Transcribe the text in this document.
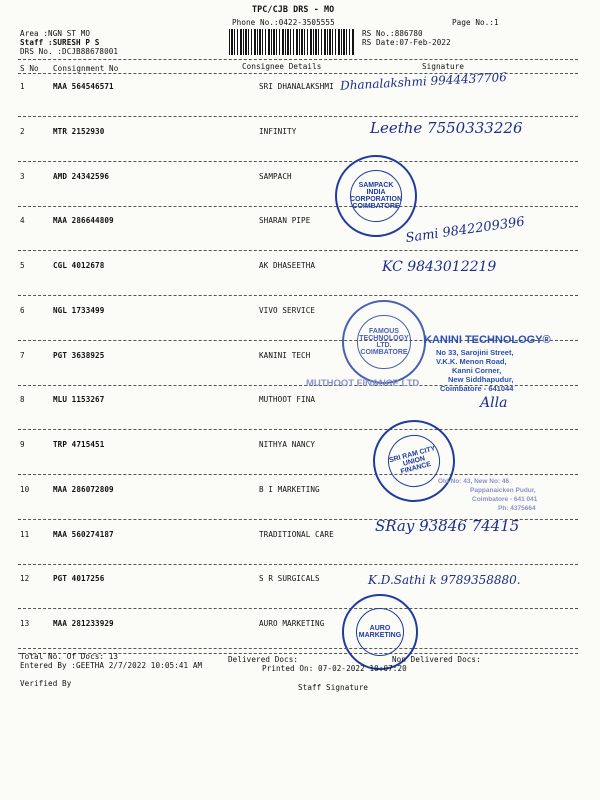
TPC/CJB DRS - MO
Phone No.:0422-3505555	Page No.:1
Area :NGN ST MO
Staff :SURESH P S
DRS No. :DCJB88678001
RS No.:886780
RS Date:07-Feb-2022
S No Consignment No	Consignee Details	Signature
1	MAA 564546571	SRI DHANALAKSHMI
2	MTR 2152930	INFINITY
3	AMD 24342596	SAMPACH
4	MAA 286644809	SHARAN PIPE
5	CGL 4012678	AK DHASEETHA
6	NGL 1733499	VIVO SERVICE
7	PGT 3638925	KANINI TECH
8	MLU 1153267	MUTHOOT FINA
9	TRP 4715451	NITHYA NANCY
10	MAA 286072809	B I MARKETING
11	MAA 560274187	TRADITIONAL CARE
12	PGT 4017256	S R SURGICALS
13	MAA 281233929	AURO MARKETING
Dhanalakshmi 9944437706
Leethe 7550333226
Sami 9842209396
KC 9843012219
Alla
SRay 93846 74415
K.D.Sathi k 9789358880.
SAMPACK INDIA CORPORATION COIMBATORE
FAMOUS TECHNOLOGY LTD. COIMBATORE
KANINI TECHNOLOGY®
No 33, Sarojini Street,
V.K.K. Menon Road,
Kanni Corner,
New Siddhapudur,
Coimbatore - 641044
MUTHOOT FINANCE LTD
SRI RAM CITY UNION FINANCE
Old No: 43, New No: 46
Pappanaicken Pudur,
Coimbatore - 641 041
Ph: 4375664
AURO MARKETING
Total No. Of Docs: 13	Delivered Docs:	Non Delivered Docs:
Entered By :GEETHA 2/7/2022 10:05:41 AM	Printed On: 07-02-2022 10:07:20
Verified By	Staff Signature
